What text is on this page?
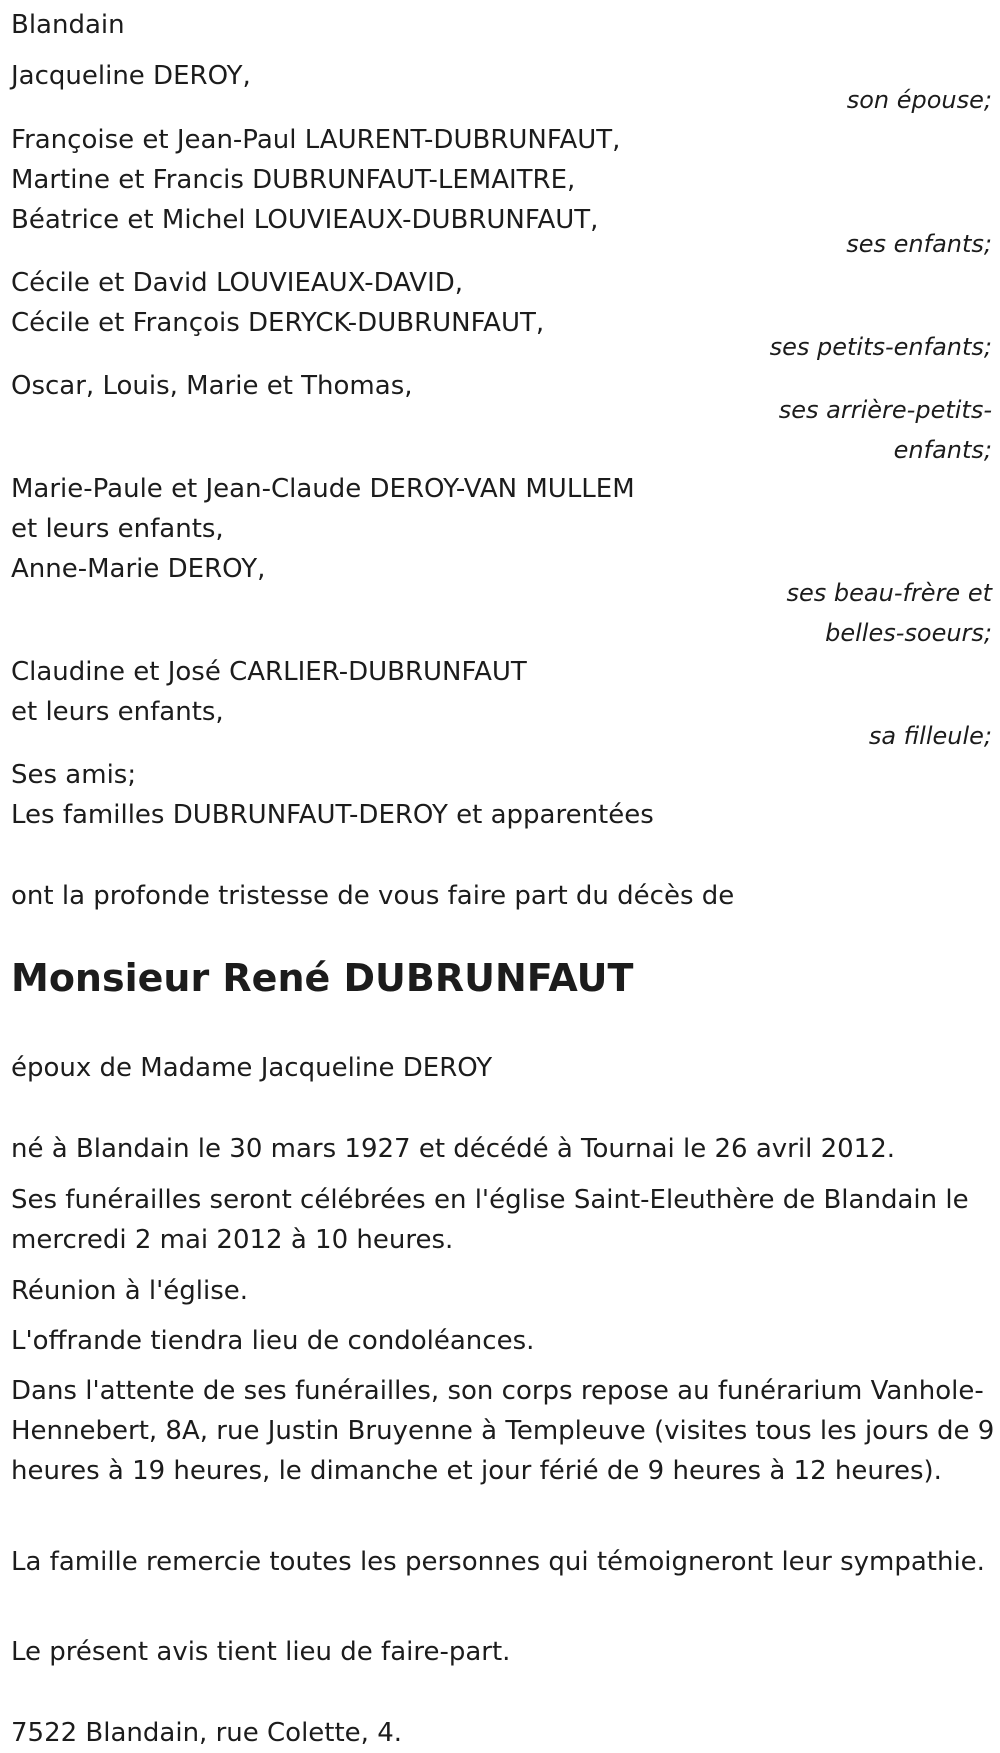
Blandain

Jacqueline DEROY,

son épouse;

Françoise et Jean-Paul LAURENT-DUBRUNFAUT,

Martine et Francis DUBRUNFAUT-LEMAITRE,

Béatrice et Michel LOUVIEAUX-DUBRUNFAUT,

ses enfants;

Cécile et David LOUVIEAUX-DAVID,

Cécile et François DERYCK-DUBRUNFAUT,

ses petits-enfants;

Oscar, Louis, Marie et Thomas,

ses arrière-petits-

enfants;

Marie-Paule et Jean-Claude DEROY-VAN MULLEM

et leurs enfants,

Anne-Marie DEROY,

ses beau-frère et

belles-soeurs;

Claudine et José CARLIER-DUBRUNFAUT

et leurs enfants,

sa filleule;

Ses amis;

Les familles DUBRUNFAUT-DEROY et apparentées

ont la profonde tristesse de vous faire part du décès de

Monsieur René DUBRUNFAUT

époux de Madame Jacqueline DEROY

né à Blandain le 30 mars 1927 et décédé à Tournai le 26 avril 2012.

Ses funérailles seront célébrées en l'église Saint-Eleuthère de Blandain le mercredi 2 mai 2012 à 10 heures.

Réunion à l'église.

L'offrande tiendra lieu de condoléances.

Dans l'attente de ses funérailles, son corps repose au funérarium Vanhole-Hennebert, 8A, rue Justin Bruyenne à Templeuve (visites tous les jours de 9 heures à 19 heures, le dimanche et jour férié de 9 heures à 12 heures).

La famille remercie toutes les personnes qui témoigneront leur sympathie.

Le présent avis tient lieu de faire-part.

7522 Blandain, rue Colette, 4.
